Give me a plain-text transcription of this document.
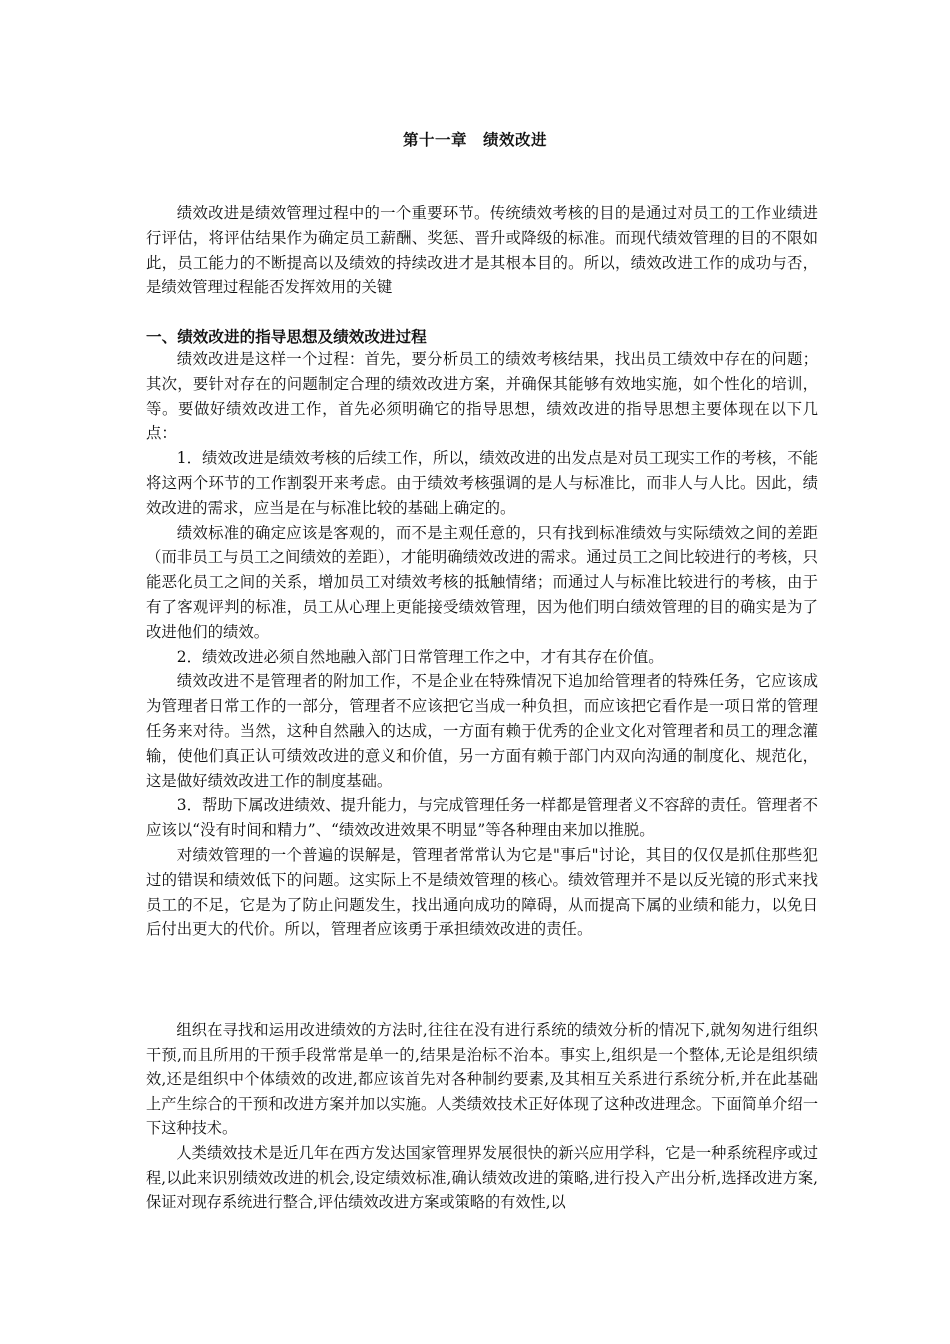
第十一章　绩效改进

绩效改进是绩效管理过程中的一个重要环节。传统绩效考核的目的是通过对员工的工作业绩进行评估，将评估结果作为确定员工薪酬、奖惩、晋升或降级的标准。而现代绩效管理的目的不限如此，员工能力的不断提高以及绩效的持续改进才是其根本目的。所以，绩效改进工作的成功与否，是绩效管理过程能否发挥效用的关键

一、绩效改进的指导思想及绩效改进过程

绩效改进是这样一个过程：首先，要分析员工的绩效考核结果，找出员工绩效中存在的问题；其次，要针对存在的问题制定合理的绩效改进方案，并确保其能够有效地实施，如个性化的培训，等。要做好绩效改进工作，首先必须明确它的指导思想，绩效改进的指导思想主要体现在以下几点：

1．绩效改进是绩效考核的后续工作，所以，绩效改进的出发点是对员工现实工作的考核，不能将这两个环节的工作割裂开来考虑。由于绩效考核强调的是人与标准比，而非人与人比。因此，绩效改进的需求，应当是在与标准比较的基础上确定的。

绩效标准的确定应该是客观的，而不是主观任意的，只有找到标准绩效与实际绩效之间的差距（而非员工与员工之间绩效的差距），才能明确绩效改进的需求。通过员工之间比较进行的考核，只能恶化员工之间的关系，增加员工对绩效考核的抵触情绪；而通过人与标准比较进行的考核，由于有了客观评判的标准，员工从心理上更能接受绩效管理，因为他们明白绩效管理的目的确实是为了改进他们的绩效。

2．绩效改进必须自然地融入部门日常管理工作之中，才有其存在价值。

绩效改进不是管理者的附加工作，不是企业在特殊情况下追加给管理者的特殊任务，它应该成为管理者日常工作的一部分，管理者不应该把它当成一种负担，而应该把它看作是一项日常的管理任务来对待。当然，这种自然融入的达成，一方面有赖于优秀的企业文化对管理者和员工的理念灌输，使他们真正认可绩效改进的意义和价值，另一方面有赖于部门内双向沟通的制度化、规范化，这是做好绩效改进工作的制度基础。

3．帮助下属改进绩效、提升能力，与完成管理任务一样都是管理者义不容辞的责任。管理者不应该以“没有时间和精力”、“绩效改进效果不明显”等各种理由来加以推脱。

对绩效管理的一个普遍的误解是，管理者常常认为它是"事后"讨论，其目的仅仅是抓住那些犯过的错误和绩效低下的问题。这实际上不是绩效管理的核心。绩效管理并不是以反光镜的形式来找员工的不足，它是为了防止问题发生，找出通向成功的障碍，从而提高下属的业绩和能力，以免日后付出更大的代价。所以，管理者应该勇于承担绩效改进的责任。

组织在寻找和运用改进绩效的方法时,往往在没有进行系统的绩效分析的情况下,就匆匆进行组织干预,而且所用的干预手段常常是单一的,结果是治标不治本。事实上,组织是一个整体,无论是组织绩效,还是组织中个体绩效的改进,都应该首先对各种制约要素,及其相互关系进行系统分析,并在此基础上产生综合的干预和改进方案并加以实施。人类绩效技术正好体现了这种改进理念。下面简单介绍一下这种技术。

人类绩效技术是近几年在西方发达国家管理界发展很快的新兴应用学科，它是一种系统程序或过程,以此来识别绩效改进的机会,设定绩效标准,确认绩效改进的策略,进行投入产出分析,选择改进方案,保证对现存系统进行整合,评估绩效改进方案或策略的有效性,以
